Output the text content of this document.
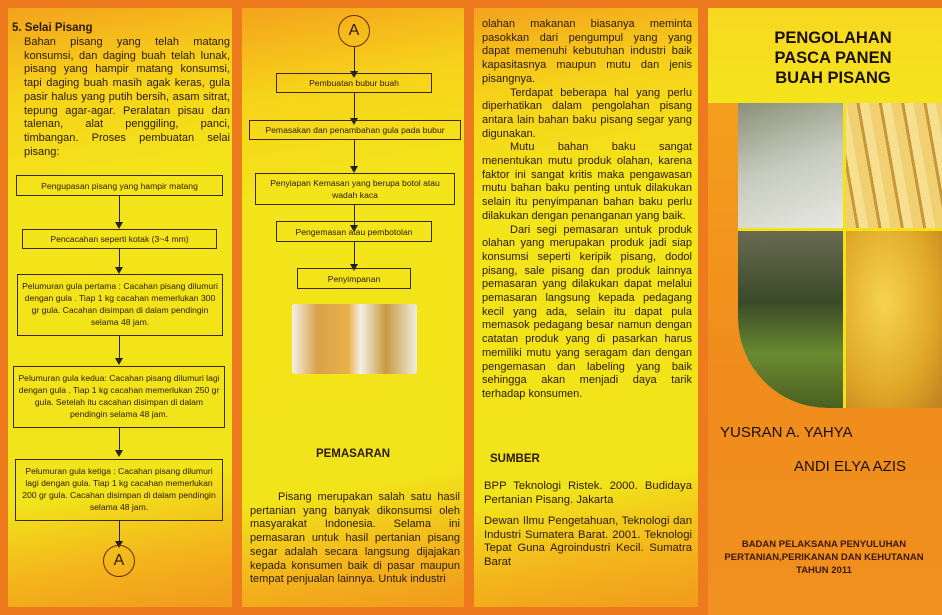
5. Selai Pisang
Bahan pisang yang telah matang konsumsi, dan daging buah telah lunak, pisang yang hampir matang konsumsi, tapi daging buah masih agak keras, gula pasir halus yang putih bersih, asam sitrat, tepung agar-agar. Peralatan pisau dan talenan, alat penggiling, panci, timbangan. Proses pembuatan selai pisang:
Pengupasan pisang yang hampir matang
Pencacahan seperti kotak (3~4 mm)
Pelumuran gula pertama : Cacahan pisang dilumuri dengan gula . Tiap 1 kg cacahan memerlukan 300 gr gula. Cacahan disimpan di dalam pendingin selama 48 jam.
Pelumuran gula kedua: Cacahan pisang dilumuri lagi dengan gula . Tiap 1 kg cacahan memerlukan 250 gr gula. Setelah itu cacahan disimpan di dalam pendingin selama 48 jam.
Pelumuran gula ketiga : Cacahan pisang dilumuri lagi dengan gula. Tiap 1 kg cacahan memerlukan 200 gr gula. Cacahan disimpan di dalam pendingin selama 48 jam.
A
A
Pembuatan bubur buah
Pemasakan dan penambahan gula pada bubur
Penyiapan Kemasan yang berupa botol atau wadah kaca
Pengemasan atau pembotolan
Penyimpanan
PEMASARAN
Pisang merupakan salah satu hasil pertanian yang banyak dikonsumsi oleh masyarakat Indonesia. Selama ini pemasaran untuk hasil pertanian pisang segar adalah secara langsung dijajakan kepada konsumen baik di pasar maupun tempat penjualan lainnya. Untuk industri

olahan makanan biasanya meminta pasokkan dari pengumpul yang yang dapat memenuhi kebutuhan industri baik kapasitasnya maupun mutu dan jenis pisangnya.

Terdapat beberapa hal yang perlu diperhatikan dalam pengolahan pisang antara lain bahan baku pisang segar yang digunakan.

Mutu bahan baku sangat menentukan mutu produk olahan, karena faktor ini sangat kritis maka pengawasan mutu bahan baku penting untuk dilakukan selain itu penyimpanan bahan baku perlu dilakukan dengan penanganan yang baik.

Dari segi pemasaran untuk produk olahan yang merupakan produk jadi siap konsumsi seperti keripik pisang, dodol pisang, sale pisang dan produk lainnya pemasaran yang dilakukan dapat melalui pemasaran langsung kepada pedagang kecil yang ada, selain itu dapat pula memasok pedagang besar namun dengan catatan produk yang di pasarkan harus memiliki mutu yang seragam dan dengan pengemasan dan labeling yang baik sehingga akan menjadi daya tarik terhadap konsumen.

SUMBER

BPP Teknologi Ristek. 2000. Budidaya Pertanian Pisang. Jakarta

Dewan Ilmu Pengetahuan, Teknologi dan Industri Sumatera Barat. 2001. Teknologi Tepat Guna Agroindustri Kecil. Sumatra Barat

PENGOLAHAN
PASCA PANEN
BUAH PISANG
YUSRAN A. YAHYA
ANDI ELYA AZIS
BADAN PELAKSANA PENYULUHAN
PERTANIAN,PERIKANAN DAN KEHUTANAN
TAHUN 2011
